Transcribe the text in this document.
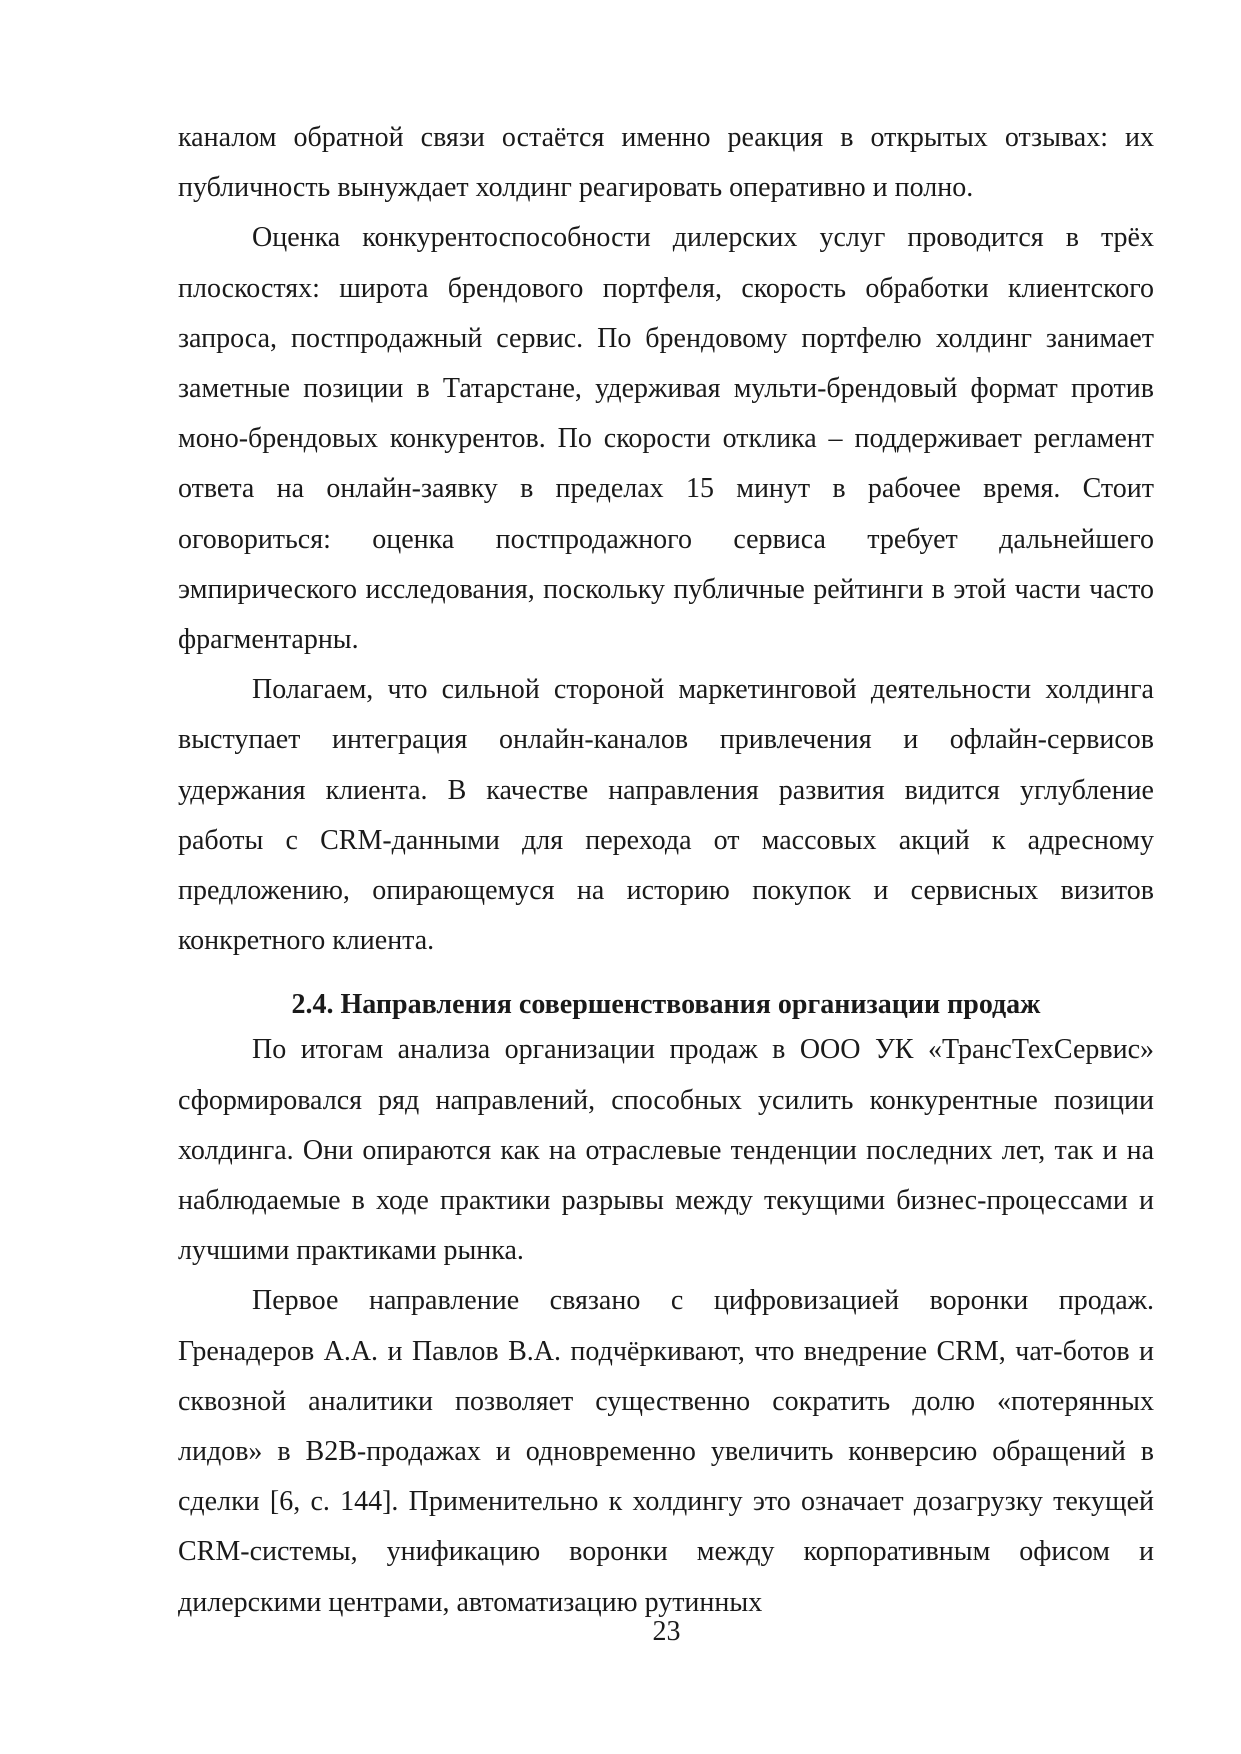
каналом обратной связи остаётся именно реакция в открытых отзывах: их публичность вынуждает холдинг реагировать оперативно и полно.

Оценка конкурентоспособности дилерских услуг проводится в трёх плоскостях: широта брендового портфеля, скорость обработки клиентского запроса, постпродажный сервис. По брендовому портфелю холдинг занимает заметные позиции в Татарстане, удерживая мульти-брендовый формат против моно-брендовых конкурентов. По скорости отклика – поддерживает регламент ответа на онлайн-заявку в пределах 15 минут в рабочее время. Стоит оговориться: оценка постпродажного сервиса требует дальнейшего эмпирического исследования, поскольку публичные рейтинги в этой части часто фрагментарны.

Полагаем, что сильной стороной маркетинговой деятельности холдинга выступает интеграция онлайн-каналов привлечения и офлайн-сервисов удержания клиента. В качестве направления развития видится углубление работы с CRM-данными для перехода от массовых акций к адресному предложению, опирающемуся на историю покупок и сервисных визитов конкретного клиента.

2.4. Направления совершенствования организации продаж

По итогам анализа организации продаж в ООО УК «ТрансТехСервис» сформировался ряд направлений, способных усилить конкурентные позиции холдинга. Они опираются как на отраслевые тенденции последних лет, так и на наблюдаемые в ходе практики разрывы между текущими бизнес-процессами и лучшими практиками рынка.

Первое направление связано с цифровизацией воронки продаж. Гренадеров А.А. и Павлов В.А. подчёркивают, что внедрение CRM, чат-ботов и сквозной аналитики позволяет существенно сократить долю «потерянных лидов» в B2B-продажах и одновременно увеличить конверсию обращений в сделки [6, с. 144]. Применительно к холдингу это означает дозагрузку текущей CRM-системы, унификацию воронки между корпоративным офисом и дилерскими центрами, автоматизацию рутинных

23
